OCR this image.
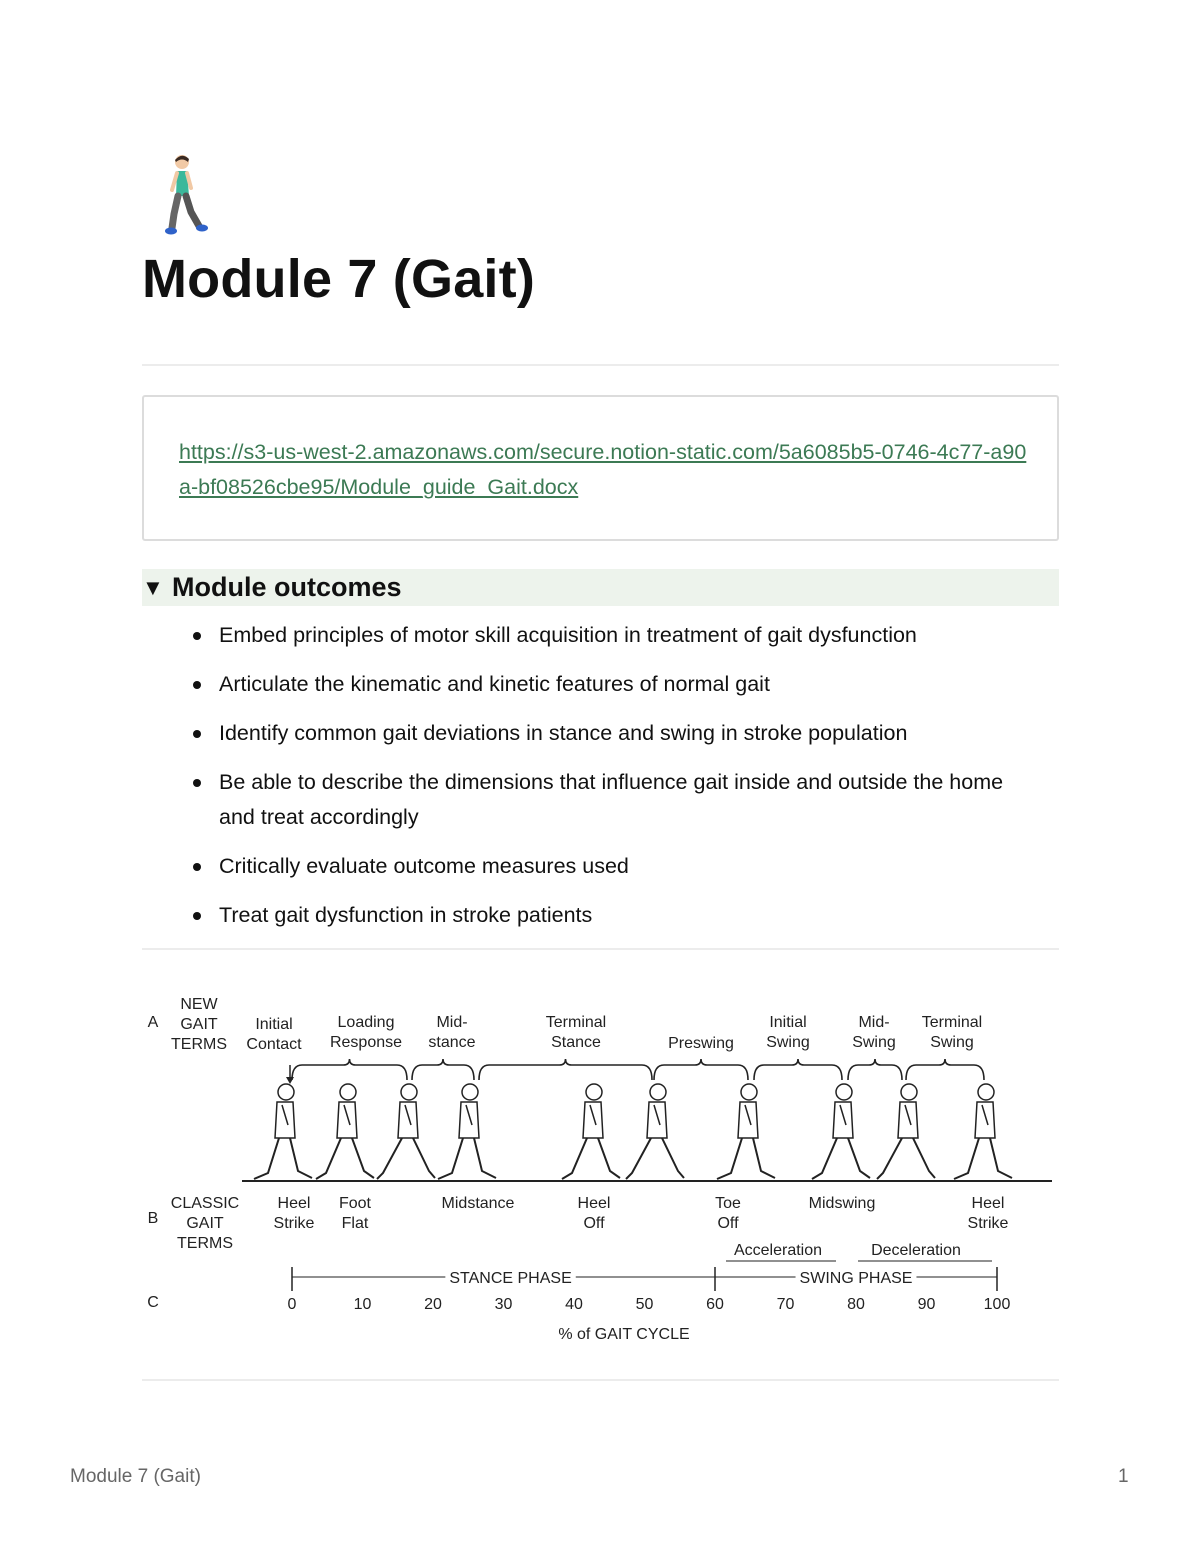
Module 7 (Gait)
https://s3-us-west-2.amazonaws.com/secure.notion-static.com/5a6085b5-0746-4c77-a90a-bf08526cbe95/Module_guide_Gait.docx
▼ Module outcomes
Embed principles of motor skill acquisition in treatment of gait dysfunction
Articulate the kinematic and kinetic features of normal gait
Identify common gait deviations in stance and swing in stroke population
Be able to describe the dimensions that influence gait inside and outside the home and treat accordingly
Critically evaluate outcome measures used
Treat gait dysfunction in stroke patients
A
B
C
NEW
GAIT
TERMS
CLASSIC
GAIT
TERMS
Initial
Contact
Loading
Response
Mid-
stance
Terminal
Stance	Preswing
Initial
Swing
Mid-
Swing
Terminal
Swing
Heel
Strike
Foot
Flat
Midstance	Heel
Off
Toe
Off
Midswing	Heel
Strike
Acceleration	Deceleration
STANCE PHASE	SWING PHASE
0	10	20	30	40	50	60	70	80	90	100
% of GAIT CYCLE
Module 7 (Gait)	1
